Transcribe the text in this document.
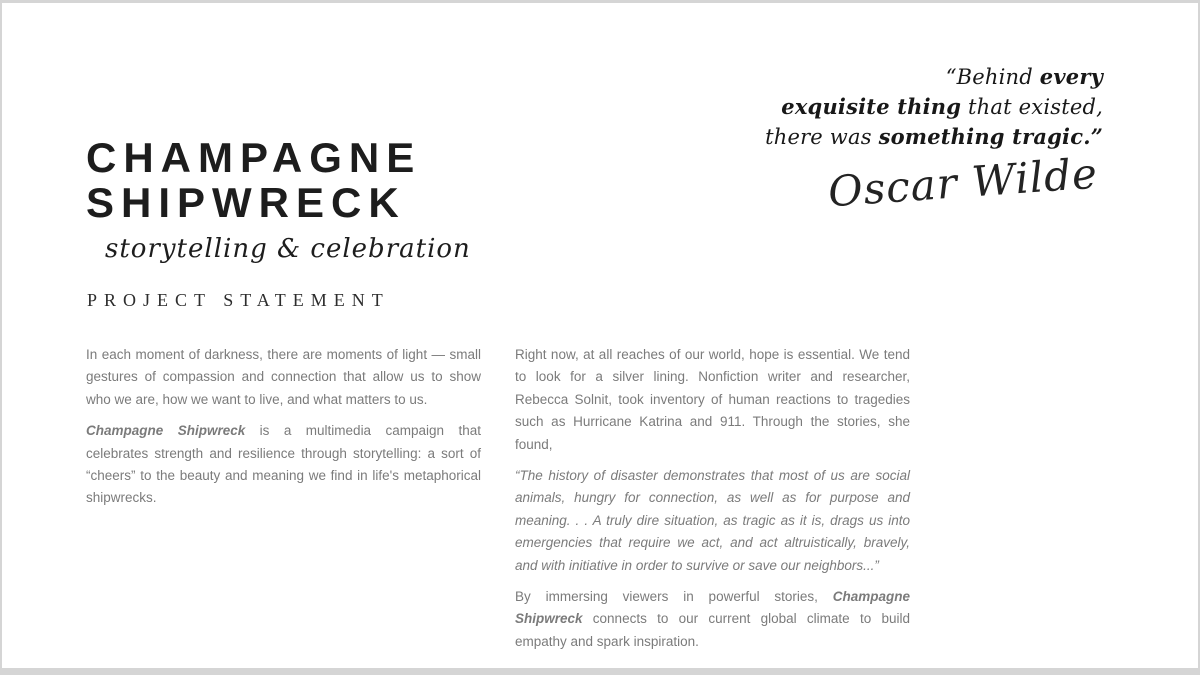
“Behind every
exquisite thing that existed,
there was something tragic.”
Oscar Wilde
CHAMPAGNE
SHIPWRECK
storytelling & celebration
PROJECT STATEMENT

In each moment of darkness, there are moments of light — small gestures of compassion and connection that allow us to show who we are, how we want to live, and what matters to us.

Champagne Shipwreck is a multimedia campaign that celebrates strength and resilience through storytelling: a sort of “cheers” to the beauty and meaning we find in life's metaphorical shipwrecks.

Right now, at all reaches of our world, hope is essential. We tend to look for a silver lining. Nonfiction writer and researcher, Rebecca Solnit, took inventory of human reactions to tragedies such as Hurricane Katrina and 911. Through the stories, she found,

“The history of disaster demonstrates that most of us are social animals, hungry for connection, as well as for purpose and meaning. . . A truly dire situation, as tragic as it is, drags us into emergencies that require we act, and act altruistically, bravely, and with initiative in order to survive or save our neighbors...”

By immersing viewers in powerful stories, Champagne Shipwreck connects to our current global climate to build empathy and spark inspiration.
